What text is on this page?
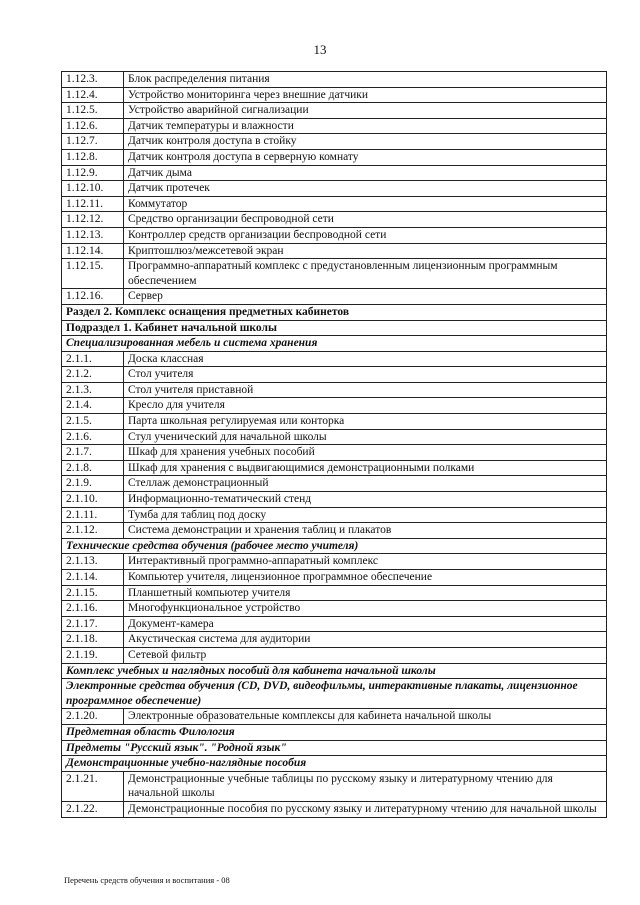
13
1.12.3.	Блок распределения питания
1.12.4.	Устройство мониторинга через внешние датчики
1.12.5.	Устройство аварийной сигнализации
1.12.6.	Датчик температуры и влажности
1.12.7.	Датчик контроля доступа в стойку
1.12.8.	Датчик контроля доступа в серверную комнату
1.12.9.	Датчик дыма
1.12.10.	Датчик протечек
1.12.11.	Коммутатор
1.12.12.	Средство организации беспроводной сети
1.12.13.	Контроллер средств организации беспроводной сети
1.12.14.	Криптошлюз/межсетевой экран
1.12.15.	Программно-аппаратный комплекс с предустановленным лицензионным программным обеспечением
1.12.16.	Сервер
Раздел 2. Комплекс оснащения предметных кабинетов	
Подраздел 1. Кабинет начальной школы	
Специализированная мебель и система хранения	
2.1.1.	Доска классная
2.1.2.	Стол учителя
2.1.3.	Стол учителя приставной
2.1.4.	Кресло для учителя
2.1.5.	Парта школьная регулируемая или конторка
2.1.6.	Стул ученический для начальной школы
2.1.7.	Шкаф для хранения учебных пособий
2.1.8.	Шкаф для хранения с выдвигающимися демонстрационными полками
2.1.9.	Стеллаж демонстрационный
2.1.10.	Информационно-тематический стенд
2.1.11.	Тумба для таблиц под доску
2.1.12.	Система демонстрации и хранения таблиц и плакатов
Технические средства обучения (рабочее место учителя)	
2.1.13.	Интерактивный программно-аппаратный комплекс
2.1.14.	Компьютер учителя, лицензионное программное обеспечение
2.1.15.	Планшетный компьютер учителя
2.1.16.	Многофункциональное устройство
2.1.17.	Документ-камера
2.1.18.	Акустическая система для аудитории
2.1.19.	Сетевой фильтр
Комплекс учебных и наглядных пособий для кабинета начальной школы	
Электронные средства обучения (CD, DVD, видеофильмы, интерактивные плакаты, лицензионное программное обеспечение)	
2.1.20.	Электронные образовательные комплексы для кабинета начальной школы
Предметная область Филология	
Предметы "Русский язык". "Родной язык"	
Демонстрационные учебно-наглядные пособия	
2.1.21.	Демонстрационные учебные таблицы по русскому языку и литературному чтению для начальной школы
2.1.22.	Демонстрационные пособия по русскому языку и литературному чтению для начальной школы
Перечень средств обучения и воспитания - 08
